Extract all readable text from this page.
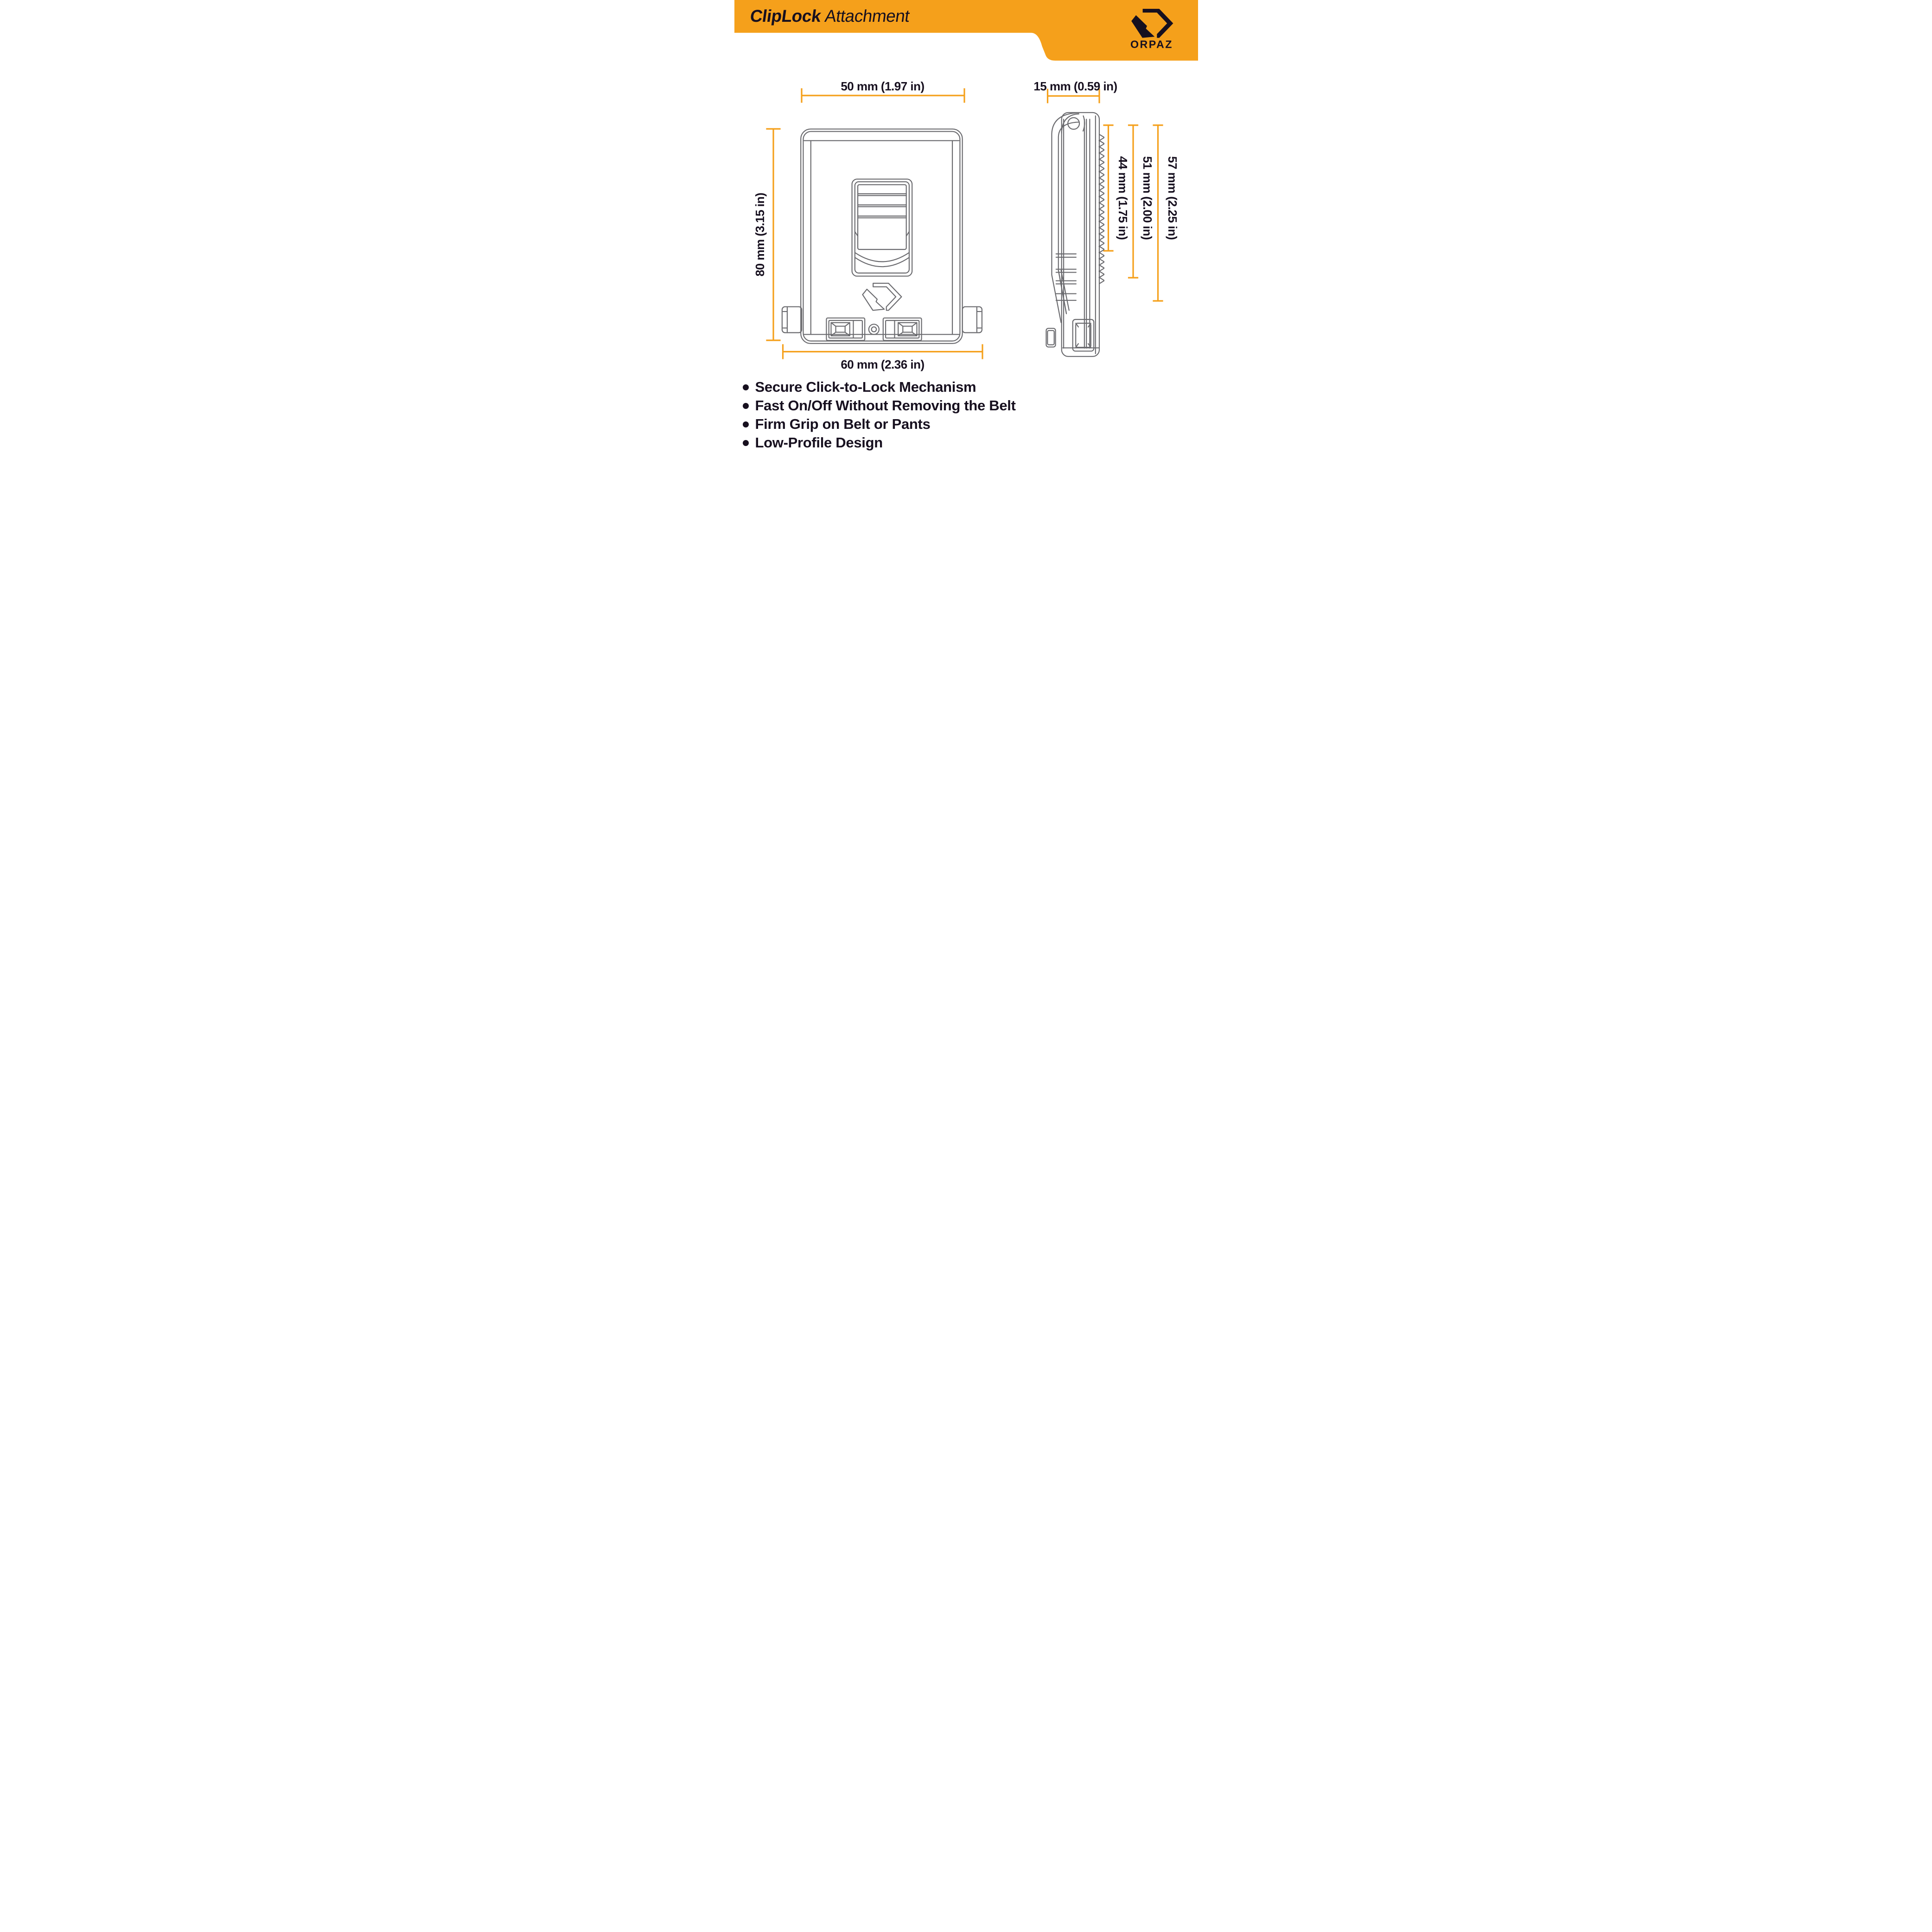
ClipLockAttachment
ORPAZ
50 mm (1.97 in)	15 mm (0.59 in)
80 mm (3.15 in)
60 mm (2.36 in)
44 mm (1.75 in) 51 mm (2.00 in) 57 mm (2.25 in)
Secure Click-to-Lock Mechanism
Fast On/Off Without Removing the Belt
Firm Grip on Belt or Pants
Low-Profile Design
